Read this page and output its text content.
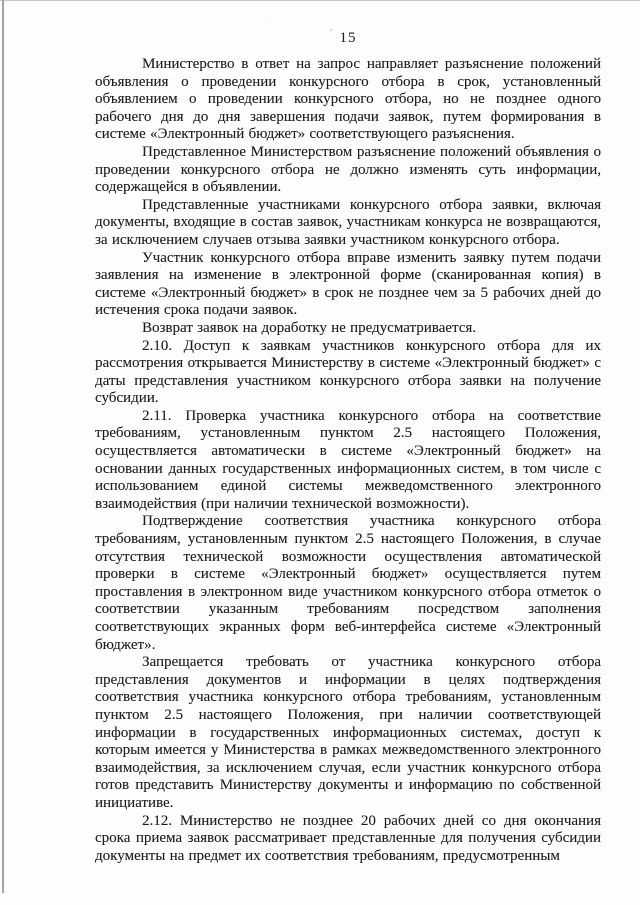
15

Министерство в ответ на запрос направляет разъяснение положений объявления о проведении конкурсного отбора в срок, установленный объявлением о проведении конкурсного отбора, но не позднее одного рабочего дня до дня завершения подачи заявок, путем формирования в системе «Электронный бюджет» соответствующего разъяснения.

Представленное Министерством разъяснение положений объявления о проведении конкурсного отбора не должно изменять суть информации, содержащейся в объявлении.

Представленные участниками конкурсного отбора заявки, включая документы, входящие в состав заявок, участникам конкурса не возвращаются, за исключением случаев отзыва заявки участником конкурсного отбора.

Участник конкурсного отбора вправе изменить заявку путем подачи заявления на изменение в электронной форме (сканированная копия) в системе «Электронный бюджет» в срок не позднее чем за 5 рабочих дней до истечения срока подачи заявок.

Возврат заявок на доработку не предусматривается.

2.10. Доступ к заявкам участников конкурсного отбора для их рассмотрения открывается Министерству в системе «Электронный бюджет» с даты представления участником конкурсного отбора заявки на получение субсидии.

2.11. Проверка участника конкурсного отбора на соответствие требованиям, установленным пунктом 2.5 настоящего Положения, осуществляется автоматически в системе «Электронный бюджет» на основании данных государственных информационных систем, в том числе с использованием единой системы межведомственного электронного взаимодействия (при наличии технической возможности).

Подтверждение соответствия участника конкурсного отбора требованиям, установленным пунктом 2.5 настоящего Положения, в случае отсутствия технической возможности осуществления автоматической проверки в системе «Электронный бюджет» осуществляется путем проставления в электронном виде участником конкурсного отбора отметок о соответствии указанным требованиям посредством заполнения соответствующих экранных форм веб-интерфейса системе «Электронный бюджет».

Запрещается требовать от участника конкурсного отбора представления документов и информации в целях подтверждения соответствия участника конкурсного отбора требованиям, установленным пунктом 2.5 настоящего Положения, при наличии соответствующей информации в государственных информационных системах, доступ к которым имеется у Министерства в рамках межведомственного электронного взаимодействия, за исключением случая, если участник конкурсного отбора готов представить Министерству документы и информацию по собственной инициативе.

2.12. Министерство не позднее 20 рабочих дней со дня окончания срока приема заявок рассматривает представленные для получения субсидии документы на предмет их соответствия требованиям, предусмотренным
